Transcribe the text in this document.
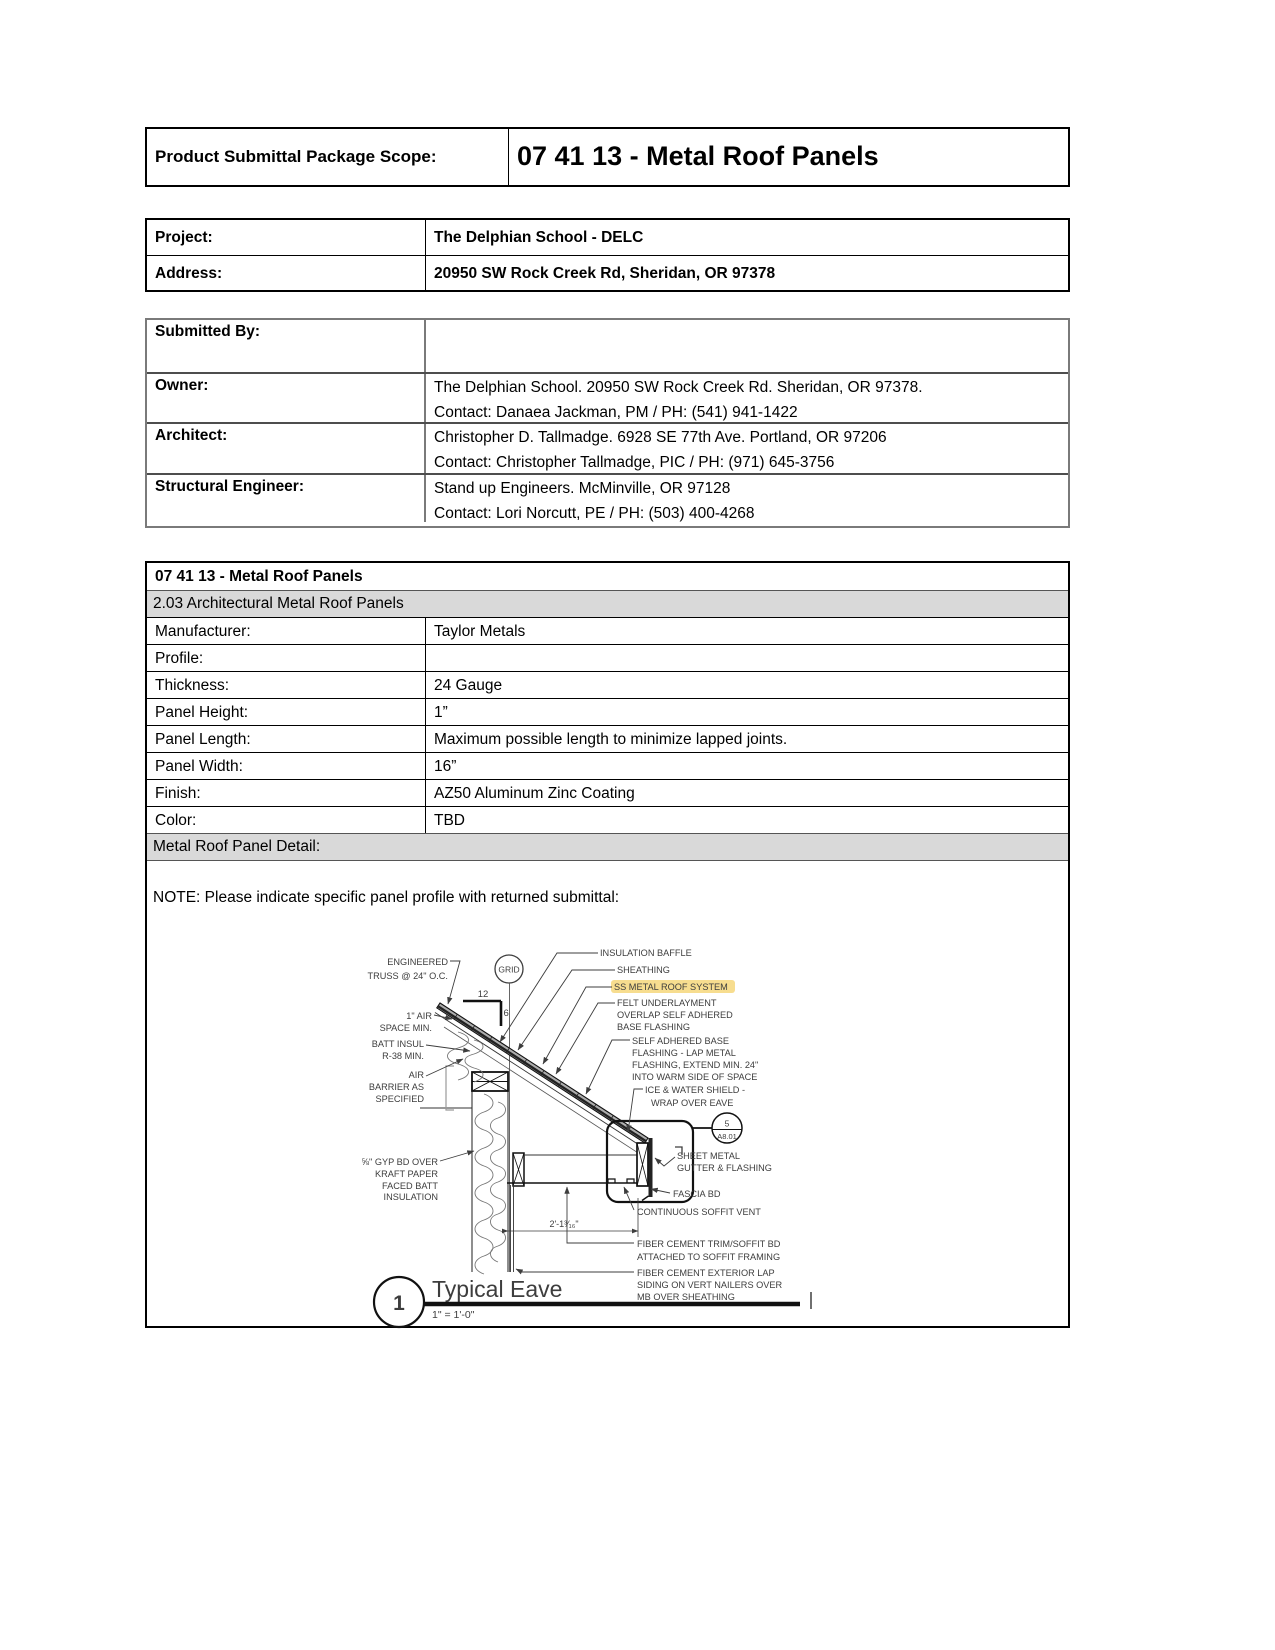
Product Submittal Package Scope:	07 41 13 - Metal Roof Panels
Project:	The Delphian School - DELC
Address:	20950 SW Rock Creek Rd, Sheridan, OR 97378
Submitted By:
Owner:	The Delphian School. 20950 SW Rock Creek Rd. Sheridan, OR 97378.
Contact: Danaea Jackman, PM / PH: (541) 941-1422
Architect:	Christopher D. Tallmadge. 6928 SE 77th Ave. Portland, OR 97206
Contact: Christopher Tallmadge, PIC / PH: (971) 645-3756
Structural Engineer:	Stand up Engineers. McMinville, OR 97128
Contact: Lori Norcutt, PE / PH: (503) 400-4268
07 41 13 - Metal Roof Panels
2.03 Architectural Metal Roof Panels
Manufacturer:	Taylor Metals
Profile:
Thickness:	24 Gauge
Panel Height:	1”
Panel Length:	Maximum possible length to minimize lapped joints.
Panel Width:	16”
Finish:	AZ50 Aluminum Zinc Coating
Color:	TBD
Metal Roof Panel Detail:
NOTE: Please indicate specific panel profile with returned submittal:
GRID
12
6
5
A8.01
2'-1³⁄₁₆"
ENGINEERED
TRUSS @ 24" O.C.
1" AIR
SPACE MIN.
BATT INSUL
R-38 MIN.
AIR
BARRIER AS
SPECIFIED
⅝" GYP BD OVER
KRAFT PAPER
FACED BATT
INSULATION
INSULATION BAFFLE
SHEATHING
SS METAL ROOF SYSTEM
FELT UNDERLAYMENT
OVERLAP SELF ADHERED
BASE FLASHING
SELF ADHERED BASE
FLASHING - LAP METAL
FLASHING, EXTEND MIN. 24"
INTO WARM SIDE OF SPACE
ICE & WATER SHIELD -
WRAP OVER EAVE
SHEET METAL
GUTTER & FLASHING
FASCIA BD
CONTINUOUS SOFFIT VENT
FIBER CEMENT TRIM/SOFFIT BD
ATTACHED TO SOFFIT FRAMING
FIBER CEMENT EXTERIOR LAP
SIDING ON VERT NAILERS OVER
MB OVER SHEATHING
1
Typical Eave
1" = 1'-0"
